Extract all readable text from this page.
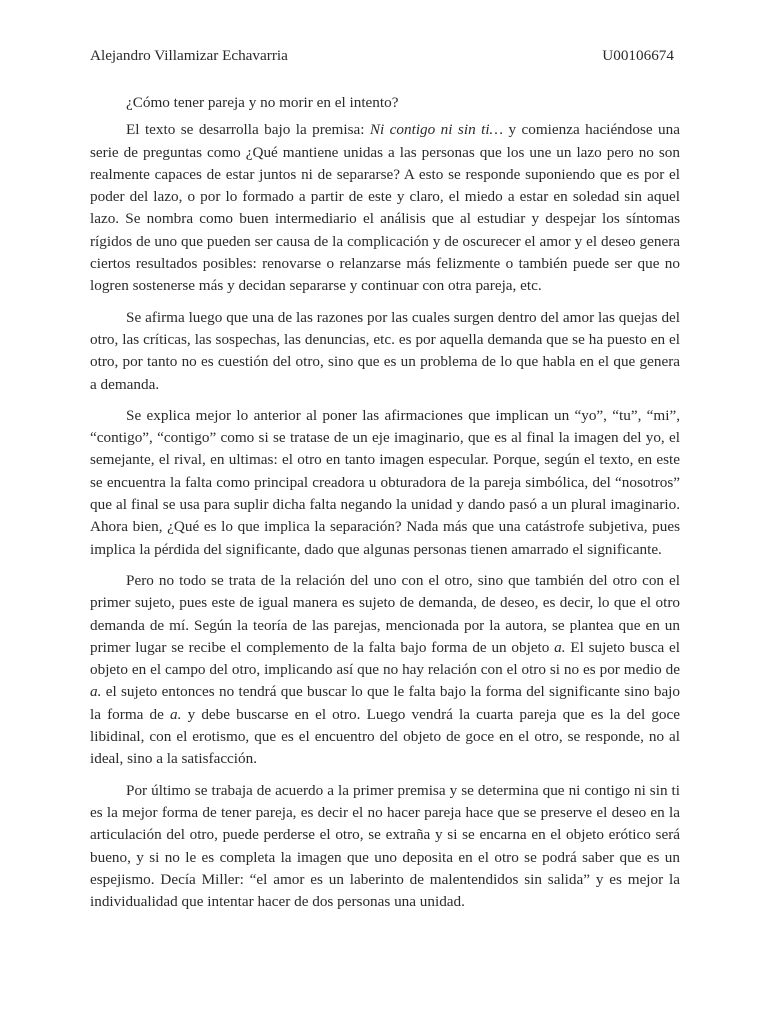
Alejandro Villamizar Echavarria	U00106674

¿Cómo tener pareja y no morir en el intento?

El texto se desarrolla bajo la premisa: Ni contigo ni sin ti… y comienza haciéndose una serie de preguntas como ¿Qué mantiene unidas a las personas que los une un lazo pero no son realmente capaces de estar juntos ni de separarse? A esto se responde suponiendo que es por el poder del lazo, o por lo formado a partir de este y claro, el miedo a estar en soledad sin aquel lazo. Se nombra como buen intermediario el análisis que al estudiar y despejar los síntomas rígidos de uno que pueden ser causa de la complicación y de oscurecer el amor y el deseo genera ciertos resultados posibles: renovarse o relanzarse más felizmente o también puede ser que no logren sostenerse más y decidan separarse y continuar con otra pareja, etc.

Se afirma luego que una de las razones por las cuales surgen dentro del amor las quejas del otro, las críticas, las sospechas, las denuncias, etc. es por aquella demanda que se ha puesto en el otro, por tanto no es cuestión del otro, sino que es un problema de lo que habla en el que genera a demanda.

Se explica mejor lo anterior al poner las afirmaciones que implican un “yo”, “tu”, “mi”, “contigo”, “contigo” como si se tratase de un eje imaginario, que es al final la imagen del yo, el semejante, el rival, en ultimas: el otro en tanto imagen especular. Porque, según el texto, en este se encuentra la falta como principal creadora u obturadora de la pareja simbólica, del “nosotros” que al final se usa para suplir dicha falta negando la unidad y dando pasó a un plural imaginario. Ahora bien, ¿Qué es lo que implica la separación? Nada más que una catástrofe subjetiva, pues implica la pérdida del significante, dado que algunas personas tienen amarrado el significante.

Pero no todo se trata de la relación del uno con el otro, sino que también del otro con el primer sujeto, pues este de igual manera es sujeto de demanda, de deseo, es decir, lo que el otro demanda de mí. Según la teoría de las parejas, mencionada por la autora, se plantea que en un primer lugar se recibe el complemento de la falta bajo forma de un objeto a. El sujeto busca el objeto en el campo del otro, implicando así que no hay relación con el otro si no es por medio de a. el sujeto entonces no tendrá que buscar lo que le falta bajo la forma del significante sino bajo la forma de a. y debe buscarse en el otro. Luego vendrá la cuarta pareja que es la del goce libidinal, con el erotismo, que es el encuentro del objeto de goce en el otro, se responde, no al ideal, sino a la satisfacción.

Por último se trabaja de acuerdo a la primer premisa y se determina que ni contigo ni sin ti es la mejor forma de tener pareja, es decir el no hacer pareja hace que se preserve el deseo en la articulación del otro, puede perderse el otro, se extraña y si se encarna en el objeto erótico será bueno, y si no le es completa la imagen que uno deposita en el otro se podrá saber que es un espejismo. Decía Miller: “el amor es un laberinto de malentendidos sin salida” y es mejor la individualidad que intentar hacer de dos personas una unidad.
